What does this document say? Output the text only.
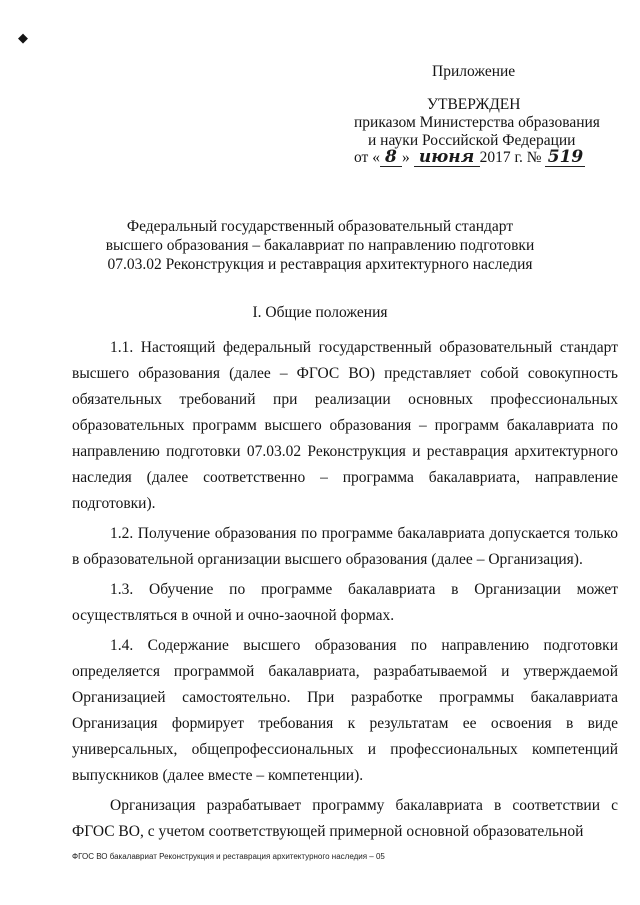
◆
Приложение
УТВЕРЖДЕН
приказом Министерства образования
и науки Российской Федерации
от « 8 » июня 2017 г. № 519
Федеральный государственный образовательный стандарт
высшего образования – бакалавриат по направлению подготовки
07.03.02 Реконструкция и реставрация архитектурного наследия
I. Общие положения

1.1. Настоящий федеральный государственный образовательный стандарт высшего образования (далее – ФГОС ВО) представляет собой совокупность обязательных требований при реализации основных профессиональных образовательных программ высшего образования – программ бакалавриата по направлению подготовки 07.03.02 Реконструкция и реставрация архитектурного наследия (далее соответственно – программа бакалавриата, направление подготовки).

1.2. Получение образования по программе бакалавриата допускается только в образовательной организации высшего образования (далее – Организация).

1.3. Обучение по программе бакалавриата в Организации может осуществляться в очной и очно-заочной формах.

1.4. Содержание высшего образования по направлению подготовки определяется программой бакалавриата, разрабатываемой и утверждаемой Организацией самостоятельно. При разработке программы бакалавриата Организация формирует требования к результатам ее освоения в виде универсальных, общепрофессиональных и профессиональных компетенций выпускников (далее вместе – компетенции).

Организация разрабатывает программу бакалавриата в соответствии с ФГОС ВО, с учетом соответствующей примерной основной образовательной

ФГОС ВО бакалавриат Реконструкция и реставрация архитектурного наследия – 05
